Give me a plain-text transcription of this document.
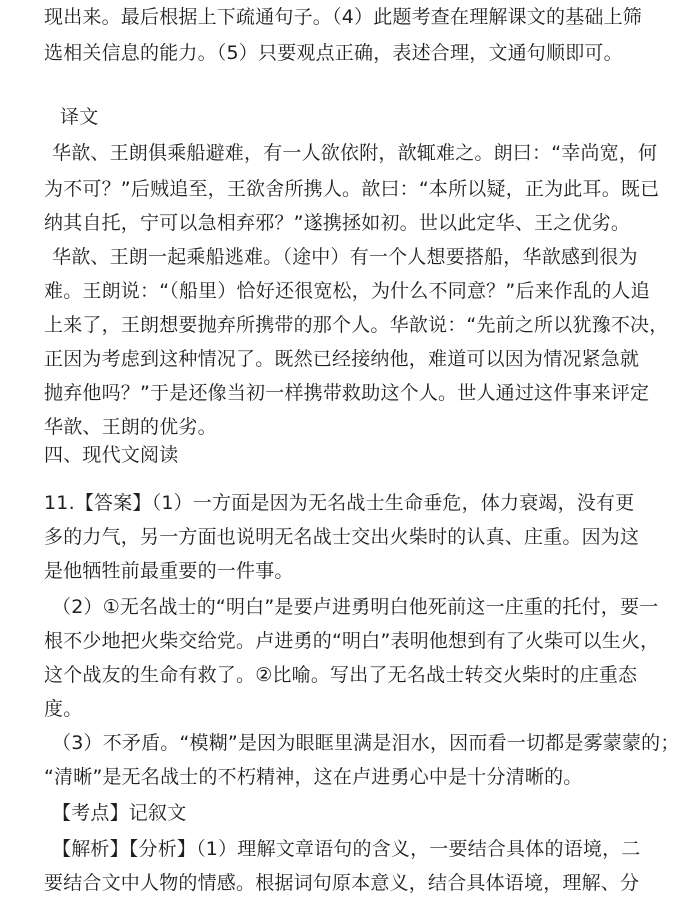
现出来。最后根据上下疏通句子。（4）此题考查在理解课文的基础上筛
选相关信息的能力。（5）只要观点正确，表述合理，文通句顺即可。
译文
华歆、王朗俱乘船避难，有一人欲依附，歆辄难之。朗曰：“幸尚宽，何
为不可？”后贼追至，王欲舍所携人。歆曰：“本所以疑，正为此耳。既已
纳其自托，宁可以急相弃邪？”遂携拯如初。世以此定华、王之优劣。
华歆、王朗一起乘船逃难。（途中）有一个人想要搭船，华歆感到很为
难。王朗说：“（船里）恰好还很宽松，为什么不同意？”后来作乱的人追
上来了，王朗想要抛弃所携带的那个人。华歆说：“先前之所以犹豫不决，
正因为考虑到这种情况了。既然已经接纳他，难道可以因为情况紧急就
抛弃他吗？”于是还像当初一样携带救助这个人。世人通过这件事来评定
华歆、王朗的优劣。
四、现代文阅读
11.【答案】（1）一方面是因为无名战士生命垂危，体力衰竭，没有更
多的力气，另一方面也说明无名战士交出火柴时的认真、庄重。因为这
是他牺牲前最重要的一件事。
（2）①无名战士的“明白”是要卢进勇明白他死前这一庄重的托付，要一
根不少地把火柴交给党。卢进勇的“明白”表明他想到有了火柴可以生火，
这个战友的生命有救了。②比喻。写出了无名战士转交火柴时的庄重态
度。
（3）不矛盾。“模糊”是因为眼眶里满是泪水，因而看一切都是雾蒙蒙的；
“清晰”是无名战士的不朽精神，这在卢进勇心中是十分清晰的。
【考点】记叙文
【解析】【分析】（1）理解文章语句的含义，一要结合具体的语境，二
要结合文中人物的情感。根据词句原本意义，结合具体语境，理解、分
